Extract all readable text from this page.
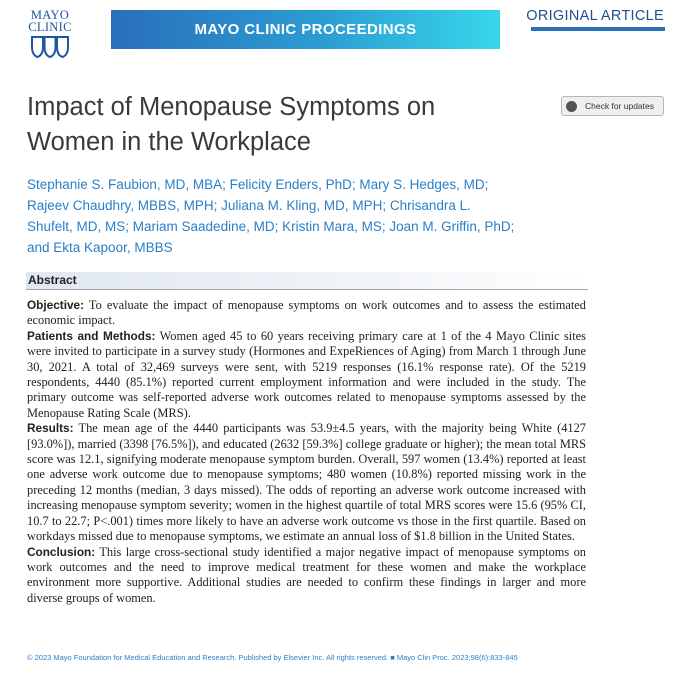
MAYO
CLINIC	MAYO CLINIC PROCEEDINGS
ORIGINAL ARTICLE
Impact of Menopause Symptoms on Women in the Workplace
Check for updates
Stephanie S. Faubion, MD, MBA; Felicity Enders, PhD; Mary S. Hedges, MD; Rajeev Chaudhry, MBBS, MPH; Juliana M. Kling, MD, MPH; Chrisandra L. Shufelt, MD, MS; Mariam Saadedine, MD; Kristin Mara, MS; Joan M. Griffin, PhD; and Ekta Kapoor, MBBS
Abstract

Objective: To evaluate the impact of menopause symptoms on work outcomes and to assess the estimated economic impact.

Patients and Methods: Women aged 45 to 60 years receiving primary care at 1 of the 4 Mayo Clinic sites were invited to participate in a survey study (Hormones and ExpeRiences of Aging) from March 1 through June 30, 2021. A total of 32,469 surveys were sent, with 5219 responses (16.1% response rate). Of the 5219 respondents, 4440 (85.1%) reported current employment information and were included in the study. The primary outcome was self-reported adverse work outcomes related to menopause symptoms assessed by the Menopause Rating Scale (MRS).

Results: The mean age of the 4440 participants was 53.9±4.5 years, with the majority being White (4127 [93.0%]), married (3398 [76.5%]), and educated (2632 [59.3%] college graduate or higher); the mean total MRS score was 12.1, signifying moderate menopause symptom burden. Overall, 597 women (13.4%) reported at least one adverse work outcome due to menopause symptoms; 480 women (10.8%) reported missing work in the preceding 12 months (median, 3 days missed). The odds of reporting an adverse work outcome increased with increasing menopause symptom severity; women in the highest quartile of total MRS scores were 15.6 (95% CI, 10.7 to 22.7; P<.001) times more likely to have an adverse work outcome vs those in the first quartile. Based on workdays missed due to menopause symptoms, we estimate an annual loss of $1.8 billion in the United States.

Conclusion: This large cross-sectional study identified a major negative impact of menopause symptoms on work outcomes and the need to improve medical treatment for these women and make the workplace environment more supportive. Additional studies are needed to confirm these findings in larger and more diverse groups of women.

© 2023 Mayo Foundation for Medical Education and Research. Published by Elsevier Inc. All rights reserved. ■ Mayo Clin Proc. 2023;98(6):833-845
